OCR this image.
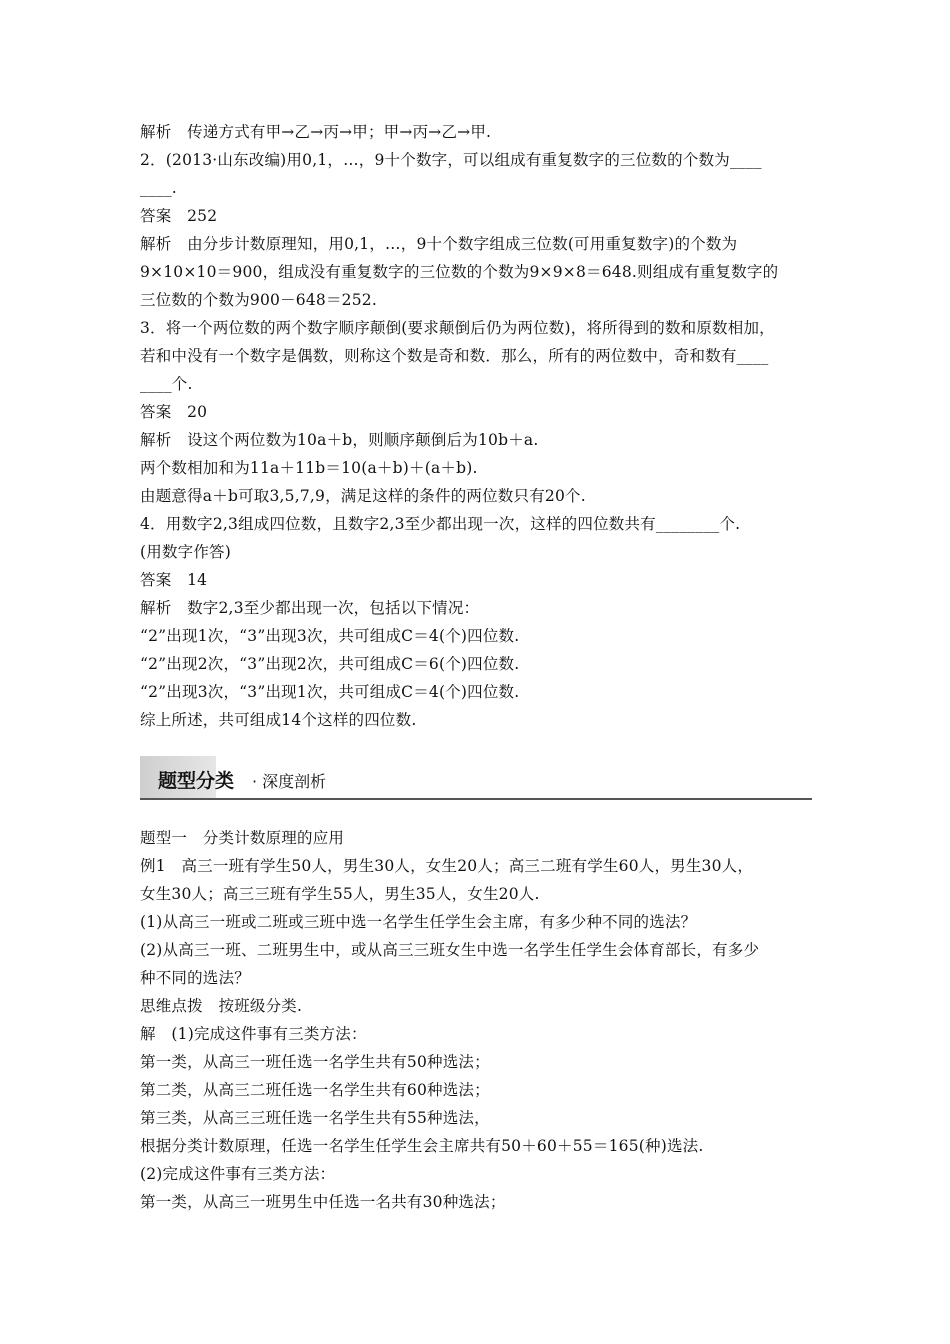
解析　传递方式有甲→乙→丙→甲；甲→丙→乙→甲.
2．(2013·山东改编)用0,1，…，9十个数字，可以组成有重复数字的三位数的个数为____
____.
答案　252
解析　由分步计数原理知，用0,1，…，9十个数字组成三位数(可用重复数字)的个数为
9×10×10＝900，组成没有重复数字的三位数的个数为9×9×8＝648.则组成有重复数字的
三位数的个数为900－648＝252.
3．将一个两位数的两个数字顺序颠倒(要求颠倒后仍为两位数)，将所得到的数和原数相加，
若和中没有一个数字是偶数，则称这个数是奇和数．那么，所有的两位数中，奇和数有____
____个.
答案　20
解析　设这个两位数为10a＋b，则顺序颠倒后为10b＋a.
两个数相加和为11a＋11b＝10(a＋b)＋(a＋b).
由题意得a＋b可取3,5,7,9，满足这样的条件的两位数只有20个.
4．用数字2,3组成四位数，且数字2,3至少都出现一次，这样的四位数共有________个.
(用数字作答)
答案　14
解析　数字2,3至少都出现一次，包括以下情况：
“2”出现1次，“3”出现3次，共可组成C＝4(个)四位数.
“2”出现2次，“3”出现2次，共可组成C＝6(个)四位数.
“2”出现3次，“3”出现1次，共可组成C＝4(个)四位数.
综上所述，共可组成14个这样的四位数.
题型分类 · 深度剖析
题型一　分类计数原理的应用
例1　高三一班有学生50人，男生30人，女生20人；高三二班有学生60人，男生30人，
女生30人；高三三班有学生55人，男生35人，女生20人.
(1)从高三一班或二班或三班中选一名学生任学生会主席，有多少种不同的选法？
(2)从高三一班、二班男生中，或从高三三班女生中选一名学生任学生会体育部长，有多少
种不同的选法？
思维点拨　按班级分类.
解　(1)完成这件事有三类方法：
第一类，从高三一班任选一名学生共有50种选法；
第二类，从高三二班任选一名学生共有60种选法；
第三类，从高三三班任选一名学生共有55种选法，
根据分类计数原理，任选一名学生任学生会主席共有50＋60＋55＝165(种)选法.
(2)完成这件事有三类方法：
第一类，从高三一班男生中任选一名共有30种选法；
